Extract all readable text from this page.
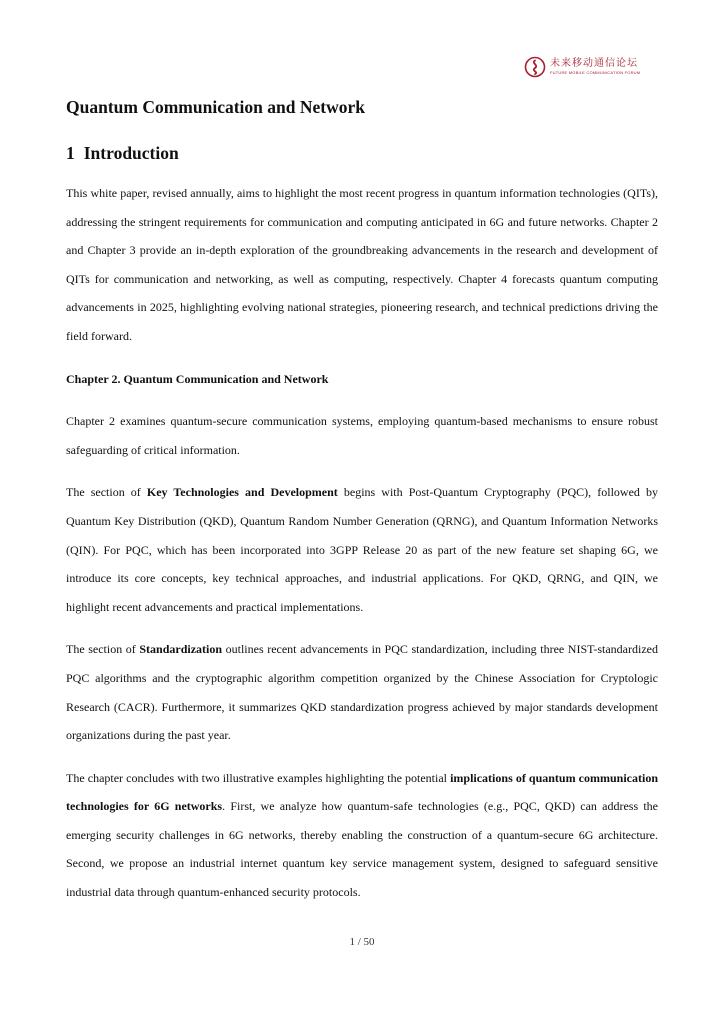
未来移动通信论坛
FUTURE MOBILE COMMUNICATION FORUM
Quantum Communication and Network
1 Introduction

This white paper, revised annually, aims to highlight the most recent progress in quantum information technologies (QITs), addressing the stringent requirements for communication and computing anticipated in 6G and future networks. Chapter 2 and Chapter 3 provide an in-depth exploration of the groundbreaking advancements in the research and development of QITs for communication and networking, as well as computing, respectively. Chapter 4 forecasts quantum computing advancements in 2025, highlighting evolving national strategies, pioneering research, and technical predictions driving the field forward.

Chapter 2. Quantum Communication and Network

Chapter 2 examines quantum-secure communication systems, employing quantum-based mechanisms to ensure robust safeguarding of critical information.

The section of Key Technologies and Development begins with Post-Quantum Cryptography (PQC), followed by Quantum Key Distribution (QKD), Quantum Random Number Generation (QRNG), and Quantum Information Networks (QIN). For PQC, which has been incorporated into 3GPP Release 20 as part of the new feature set shaping 6G, we introduce its core concepts, key technical approaches, and industrial applications. For QKD, QRNG, and QIN, we highlight recent advancements and practical implementations.

The section of Standardization outlines recent advancements in PQC standardization, including three NIST-standardized PQC algorithms and the cryptographic algorithm competition organized by the Chinese Association for Cryptologic Research (CACR). Furthermore, it summarizes QKD standardization progress achieved by major standards development organizations during the past year.

The chapter concludes with two illustrative examples highlighting the potential implications of quantum communication technologies for 6G networks. First, we analyze how quantum-safe technologies (e.g., PQC, QKD) can address the emerging security challenges in 6G networks, thereby enabling the construction of a quantum-secure 6G architecture. Second, we propose an industrial internet quantum key service management system, designed to safeguard sensitive industrial data through quantum-enhanced security protocols.

1 / 50
